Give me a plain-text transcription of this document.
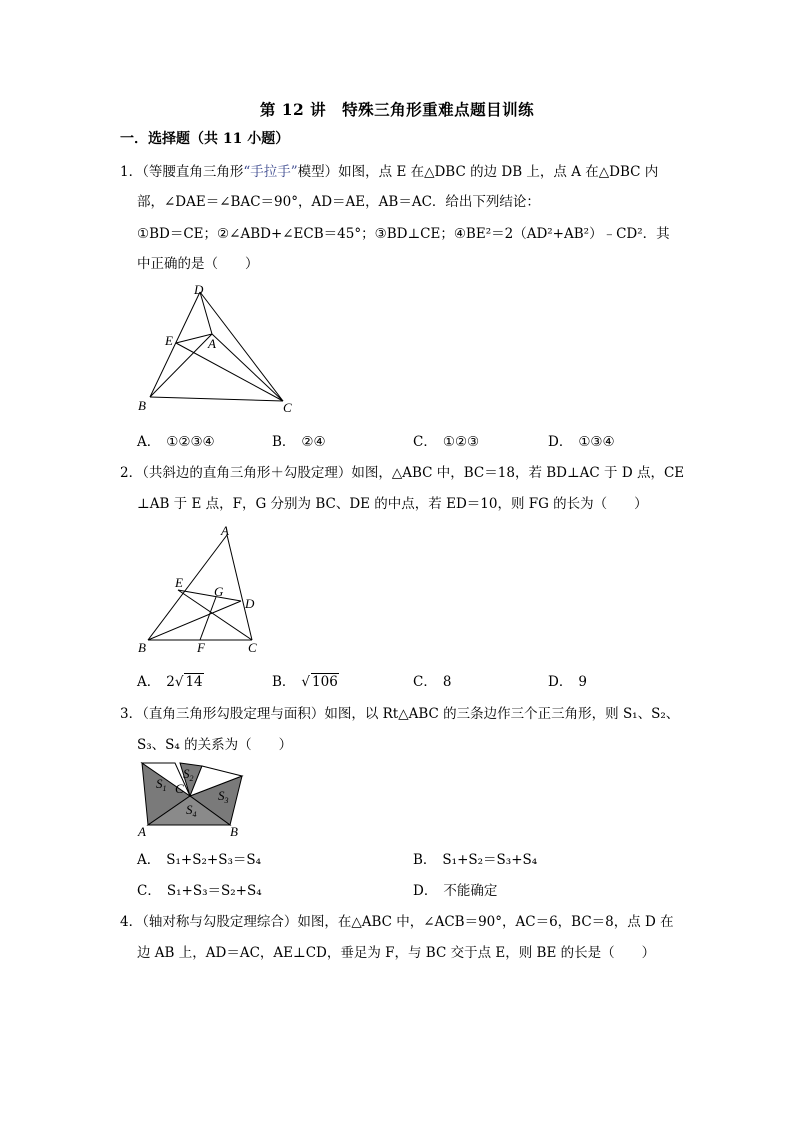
第 12 讲　特殊三角形重难点题目训练
一．选择题（共 11 小题）
1．（等腰直角三角形“手拉手”模型）如图，点 E 在△DBC 的边 DB 上，点 A 在△DBC 内
部，∠DAE＝∠BAC＝90°，AD＝AE，AB＝AC．给出下列结论：
①BD＝CE；②∠ABD+∠ECB＝45°；③BD⊥CE；④BE²＝2（AD²+AB²）﹣CD²．其
中正确的是（　　）
D
E	A
B	C
A． ①②③④	B． ②④	C． ①②③	D． ①③④
2．（共斜边的直角三角形＋勾股定理）如图，△ABC 中，BC＝18，若 BD⊥AC 于 D 点，CE
⊥AB 于 E 点，F，G 分别为 BC、DE 的中点，若 ED＝10，则 FG 的长为（　　）
A
E
G
D
B	F	C
A． 2√ 14	B． √ 106	C． 8	D． 9
3．（直角三角形勾股定理与面积）如图，以 Rt△ABC 的三条边作三个正三角形，则 S₁、S₂、
S₃、S₄ 的关系为（　　）
$S_1$
$S_2$
C	$S_3$
$S_4$
A	B
A． S₁+S₂+S₃＝S₄	B． S₁+S₂＝S₃+S₄
C． S₁+S₃＝S₂+S₄	D． 不能确定
4．（轴对称与勾股定理综合）如图，在△ABC 中，∠ACB＝90°，AC＝6，BC＝8，点 D 在
边 AB 上，AD＝AC，AE⊥CD，垂足为 F，与 BC 交于点 E，则 BE 的长是（　　）
